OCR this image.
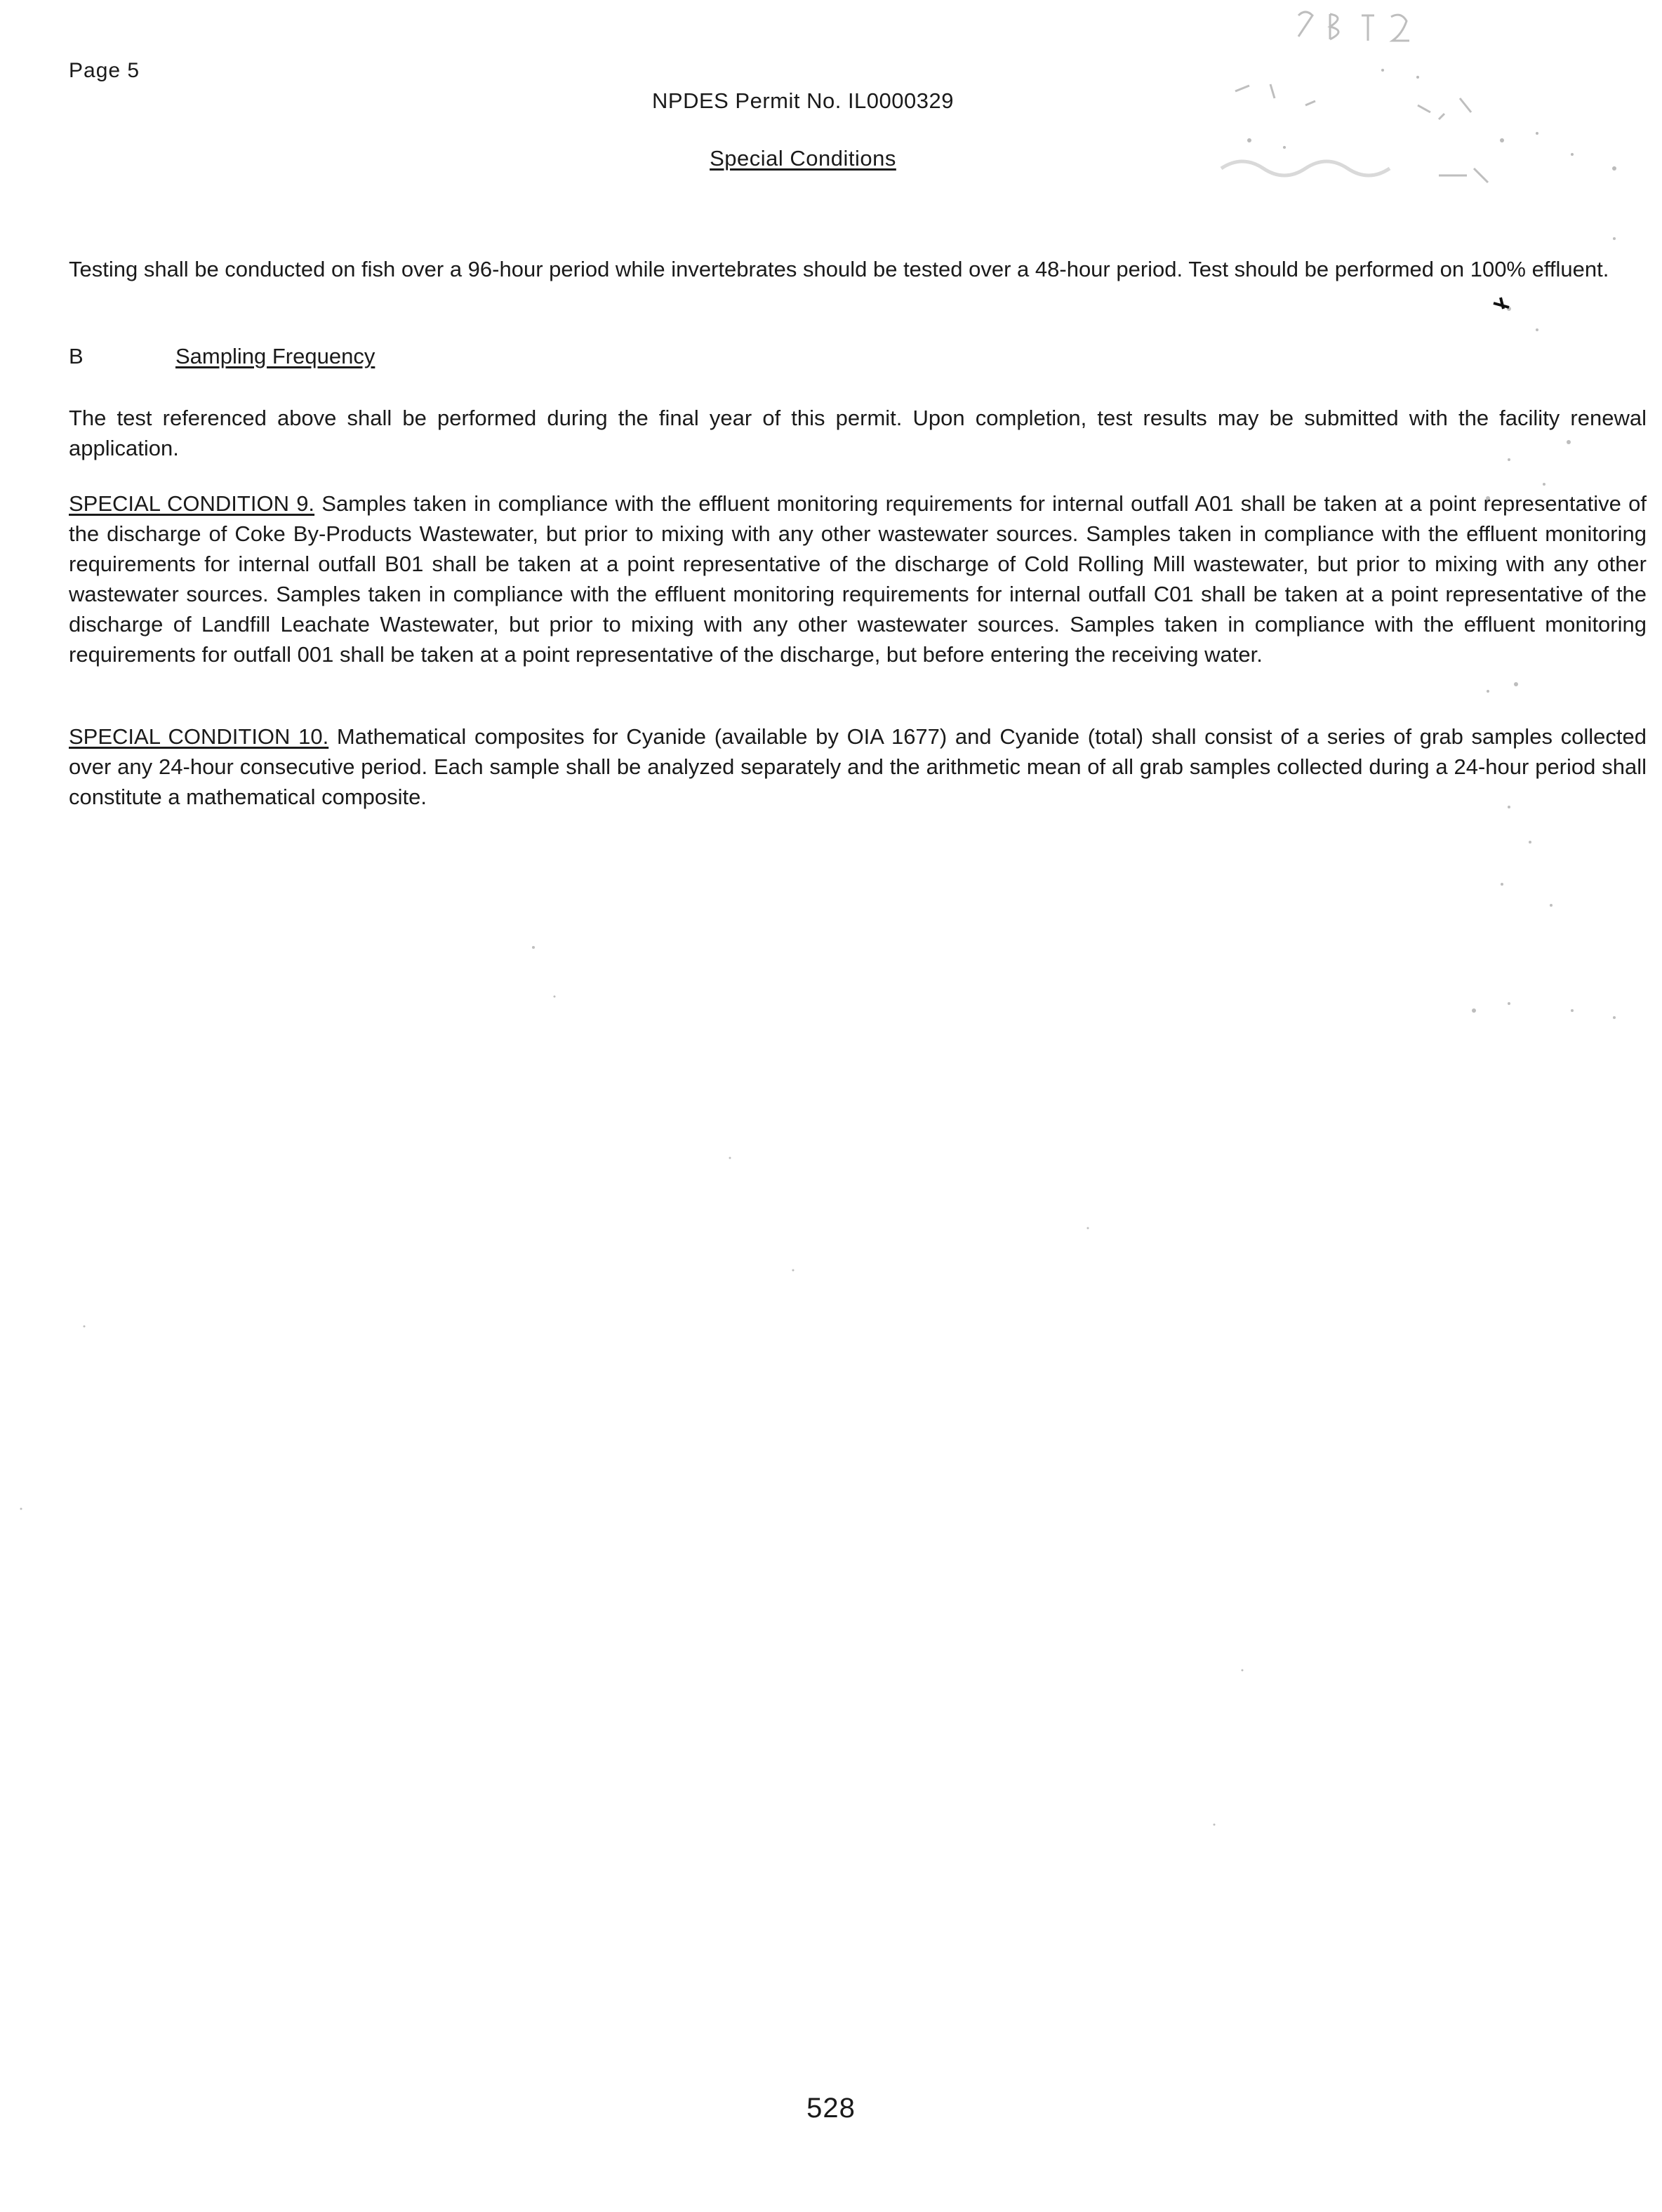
Page 5
NPDES Permit No. IL0000329
Special Conditions
Testing shall be conducted on fish over a 96-hour period while invertebrates should be tested over a 48-hour period. Test should be performed on 100% effluent.
B	Sampling Frequency
The test referenced above shall be performed during the final year of this permit. Upon completion, test results may be submitted with the facility renewal application.
SPECIAL CONDITION 9. Samples taken in compliance with the effluent monitoring requirements for internal outfall A01 shall be taken at a point representative of the discharge of Coke By-Products Wastewater, but prior to mixing with any other wastewater sources. Samples taken in compliance with the effluent monitoring requirements for internal outfall B01 shall be taken at a point representative of the discharge of Cold Rolling Mill wastewater, but prior to mixing with any other wastewater sources. Samples taken in compliance with the effluent monitoring requirements for internal outfall C01 shall be taken at a point representative of the discharge of Landfill Leachate Wastewater, but prior to mixing with any other wastewater sources. Samples taken in compliance with the effluent monitoring requirements for outfall 001 shall be taken at a point representative of the discharge, but before entering the receiving water.
SPECIAL CONDITION 10. Mathematical composites for Cyanide (available by OIA 1677) and Cyanide (total) shall consist of a series of grab samples collected over any 24-hour consecutive period. Each sample shall be analyzed separately and the arithmetic mean of all grab samples collected during a 24-hour period shall constitute a mathematical composite.
528
